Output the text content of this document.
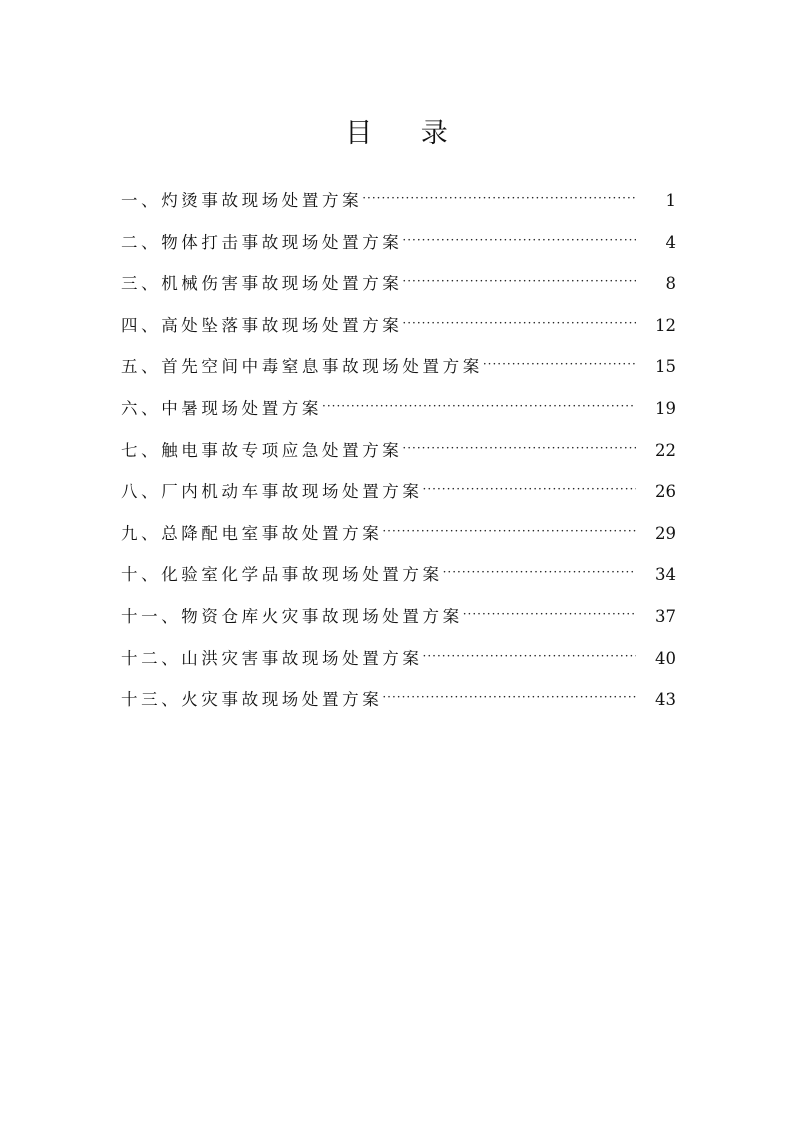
目 录
一、灼烫事故现场处置方案 ·····	1
二、物体打击事故现场处置方案 ·····	4
三、机械伤害事故现场处置方案 ·····	8
四、高处坠落事故现场处置方案 ·····	12
五、首先空间中毒窒息事故现场处置方案 ·····	15
六、中暑现场处置方案 ·····	19
七、触电事故专项应急处置方案 ·····	22
八、厂内机动车事故现场处置方案 ·····	26
九、总降配电室事故处置方案 ·····	29
十、化验室化学品事故现场处置方案 ·····	34
十一、物资仓库火灾事故现场处置方案 ·····	37
十二、山洪灾害事故现场处置方案 ·····	40
十三、火灾事故现场处置方案 ·····	43
